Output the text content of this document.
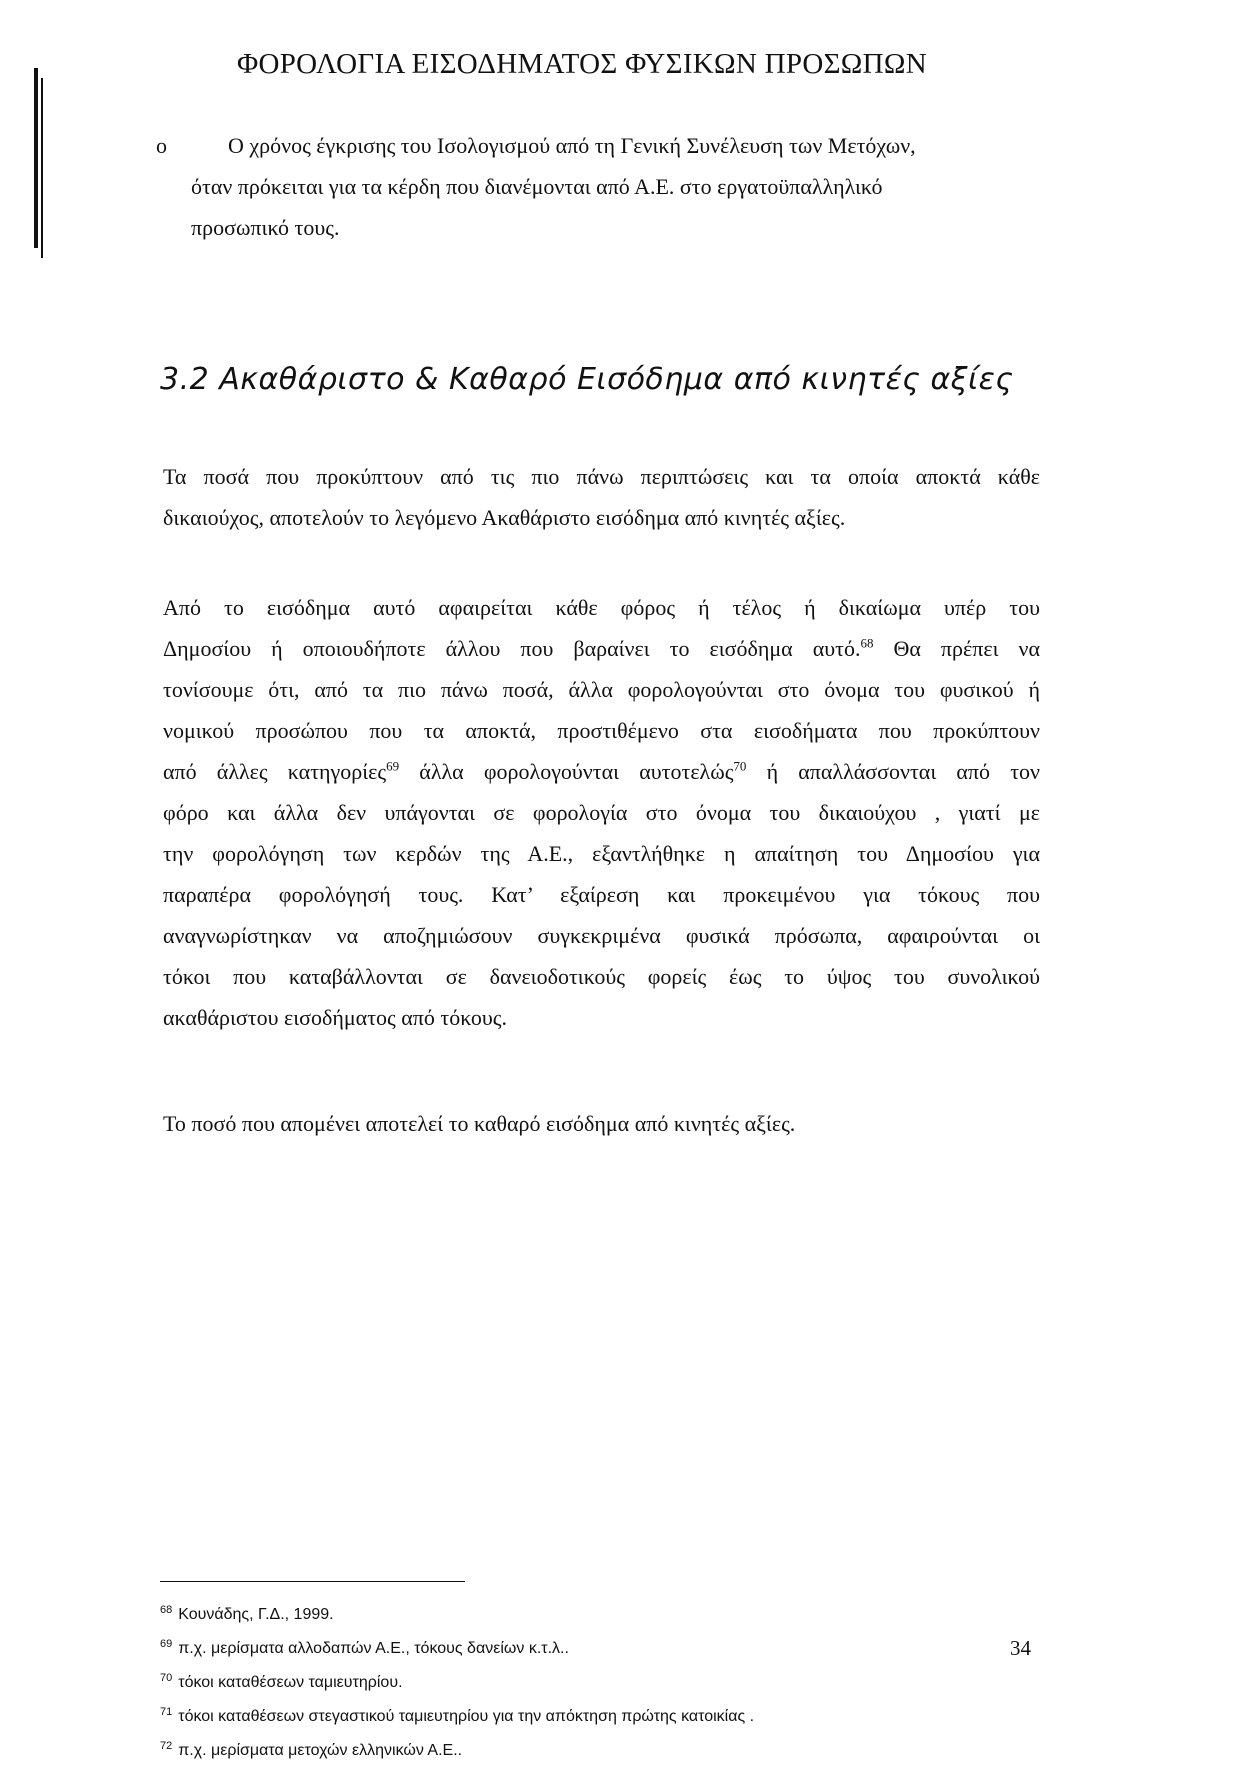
ΦΟΡΟΛΟΓΙΑ ΕΙΣΟΔΗΜΑΤΟΣ ΦΥΣΙΚΩΝ ΠΡΟΣΩΠΩΝ
o	Ο χρόνος έγκρισης του Ισολογισμού από τη Γενική Συνέλευση των Μετόχων,
όταν πρόκειται για τα κέρδη που διανέμονται από Α.Ε. στο εργατοϋπαλληλικό
προσωπικό τους.
3.2 Ακαθάριστο & Καθαρό Εισόδημα από κινητές αξίες
Τα ποσά που προκύπτουν από τις πιο πάνω περιπτώσεις και τα οποία αποκτά κάθε
δικαιούχος, αποτελούν το λεγόμενο Ακαθάριστο εισόδημα από κινητές αξίες.
Από το εισόδημα αυτό αφαιρείται κάθε φόρος ή τέλος ή δικαίωμα υπέρ του
Δημοσίου ή οποιουδήποτε άλλου που βαραίνει το εισόδημα αυτό.$^{68}$ Θα πρέπει να
τονίσουμε ότι, από τα πιο πάνω ποσά, άλλα φορολογούνται στο όνομα του φυσικού ή
νομικού προσώπου που τα αποκτά, προστιθέμενο στα εισοδήματα που προκύπτουν
από άλλες κατηγορίες$^{69}$ άλλα φορολογούνται αυτοτελώς$^{70}$ ή απαλλάσσονται από τον
φόρο και άλλα δεν υπάγονται σε φορολογία στο όνομα του δικαιούχου , γιατί με
την φορολόγηση των κερδών της Α.Ε., εξαντλήθηκε η απαίτηση του Δημοσίου για
παραπέρα φορολόγησή τους. Κατ’ εξαίρεση και προκειμένου για τόκους που
αναγνωρίστηκαν να αποζημιώσουν συγκεκριμένα φυσικά πρόσωπα, αφαιρούνται οι
τόκοι που καταβάλλονται σε δανειοδοτικούς φορείς έως το ύψος του συνολικού
ακαθάριστου εισοδήματος από τόκους.
Το ποσό που απομένει αποτελεί το καθαρό εισόδημα από κινητές αξίες.
$^{68}$ Κουνάδης, Γ.Δ., 1999.
$^{69}$ π.χ. μερίσματα αλλοδαπών Α.Ε., τόκους δανείων κ.τ.λ..
$^{70}$ τόκοι καταθέσεων ταμιευτηρίου.
$^{71}$ τόκοι καταθέσεων στεγαστικού ταμιευτηρίου για την απόκτηση πρώτης κατοικίας .
$^{72}$ π.χ. μερίσματα μετοχών ελληνικών Α.Ε..
34
